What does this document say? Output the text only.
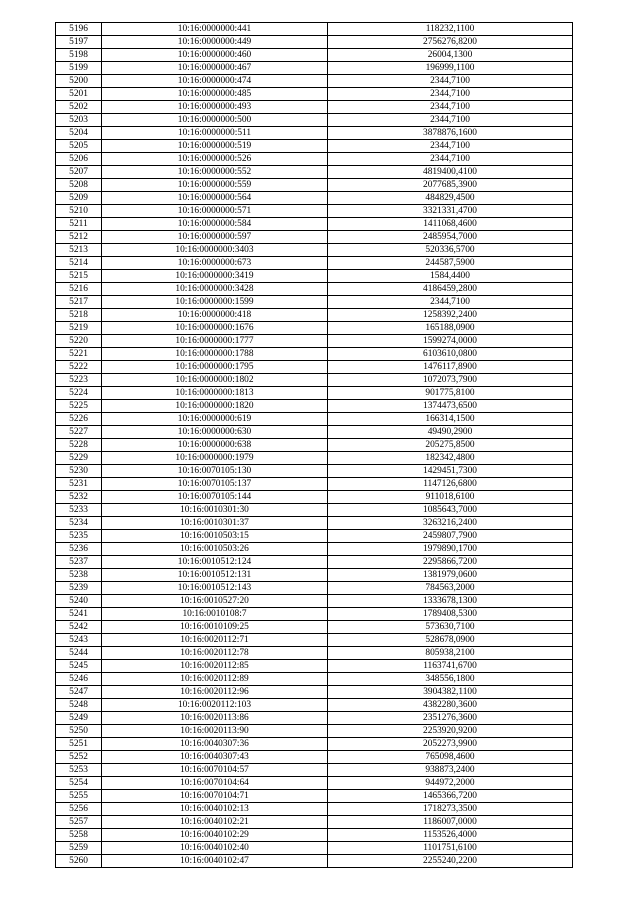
5196	10:16:0000000:441	118232,1100
5197	10:16:0000000:449	2756276,8200
5198	10:16:0000000:460	26004,1300
5199	10:16:0000000:467	196999,1100
5200	10:16:0000000:474	2344,7100
5201	10:16:0000000:485	2344,7100
5202	10:16:0000000:493	2344,7100
5203	10:16:0000000:500	2344,7100
5204	10:16:0000000:511	3878876,1600
5205	10:16:0000000:519	2344,7100
5206	10:16:0000000:526	2344,7100
5207	10:16:0000000:552	4819400,4100
5208	10:16:0000000:559	2077685,3900
5209	10:16:0000000:564	484829,4500
5210	10:16:0000000:571	3321331,4700
5211	10:16:0000000:584	1411068,4600
5212	10:16:0000000:597	2485954,7000
5213	10:16:0000000:3403	520336,5700
5214	10:16:0000000:673	244587,5900
5215	10:16:0000000:3419	1584,4400
5216	10:16:0000000:3428	4186459,2800
5217	10:16:0000000:1599	2344,7100
5218	10:16:0000000:418	1258392,2400
5219	10:16:0000000:1676	165188,0900
5220	10:16:0000000:1777	1599274,0000
5221	10:16:0000000:1788	6103610,0800
5222	10:16:0000000:1795	1476117,8900
5223	10:16:0000000:1802	1072073,7900
5224	10:16:0000000:1813	901775,8100
5225	10:16:0000000:1820	1374473,6500
5226	10:16:0000000:619	166314,1500
5227	10:16:0000000:630	49490,2900
5228	10:16:0000000:638	205275,8500
5229	10:16:0000000:1979	182342,4800
5230	10:16:0070105:130	1429451,7300
5231	10:16:0070105:137	1147126,6800
5232	10:16:0070105:144	911018,6100
5233	10:16:0010301:30	1085643,7000
5234	10:16:0010301:37	3263216,2400
5235	10:16:0010503:15	2459807,7900
5236	10:16:0010503:26	1979890,1700
5237	10:16:0010512:124	2295866,7200
5238	10:16:0010512:131	1381979,0600
5239	10:16:0010512:143	784563,2000
5240	10:16:0010527:20	1333678,1300
5241	10:16:0010108:7	1789408,5300
5242	10:16:0010109:25	573630,7100
5243	10:16:0020112:71	528678,0900
5244	10:16:0020112:78	805938,2100
5245	10:16:0020112:85	1163741,6700
5246	10:16:0020112:89	348556,1800
5247	10:16:0020112:96	3904382,1100
5248	10:16:0020112:103	4382280,3600
5249	10:16:0020113:86	2351276,3600
5250	10:16:0020113:90	2253920,9200
5251	10:16:0040307:36	2052273,9900
5252	10:16:0040307:43	765098,4600
5253	10:16:0070104:57	938873,2400
5254	10:16:0070104:64	944972,2000
5255	10:16:0070104:71	1465366,7200
5256	10:16:0040102:13	1718273,3500
5257	10:16:0040102:21	1186007,0000
5258	10:16:0040102:29	1153526,4000
5259	10:16:0040102:40	1101751,6100
5260	10:16:0040102:47	2255240,2200
